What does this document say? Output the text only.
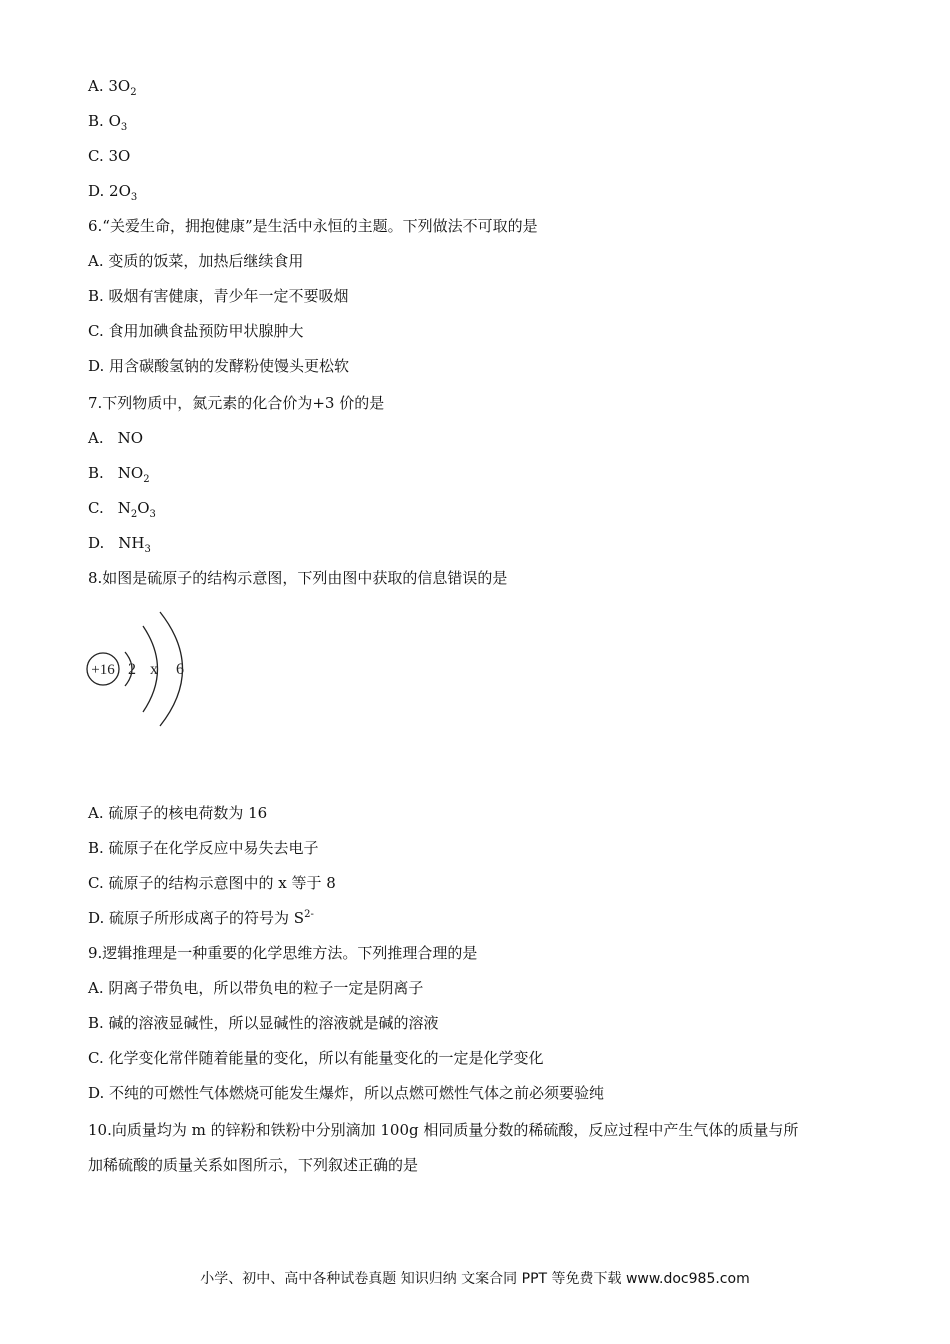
A. $3O_2$
B. $O_3$
C. 3O
D. $2O_3$
6.“关爱生命，拥抱健康”是生活中永恒的主题。下列做法不可取的是
A. 变质的饭菜，加热后继续食用
B. 吸烟有害健康，青少年一定不要吸烟
C. 食用加碘食盐预防甲状腺肿大
D. 用含碳酸氢钠的发酵粉使馒头更松软
7.下列物质中，氮元素的化合价为+3 价的是
A. NO
B. $NO_2$
C. $N_2O_3$
D. $NH_3$
8.如图是硫原子的结构示意图，下列由图中获取的信息错误的是
+16 2 x 6
A. 硫原子的核电荷数为 16
B. 硫原子在化学反应中易失去电子
C. 硫原子的结构示意图中的 x 等于 8
D. 硫原子所形成离子的符号为 $S^{2-}$
9.逻辑推理是一种重要的化学思维方法。下列推理合理的是
A. 阴离子带负电，所以带负电的粒子一定是阴离子
B. 碱的溶液显碱性，所以显碱性的溶液就是碱的溶液
C. 化学变化常伴随着能量的变化，所以有能量变化的一定是化学变化
D. 不纯的可燃性气体燃烧可能发生爆炸，所以点燃可燃性气体之前必须要验纯
10.向质量均为 m 的锌粉和铁粉中分别滴加 100g 相同质量分数的稀硫酸，反应过程中产生气体的质量与所
加稀硫酸的质量关系如图所示，下列叙述正确的是
小学、初中、高中各种试卷真题 知识归纳 文案合同 PPT 等免费下载 www.doc985.com
